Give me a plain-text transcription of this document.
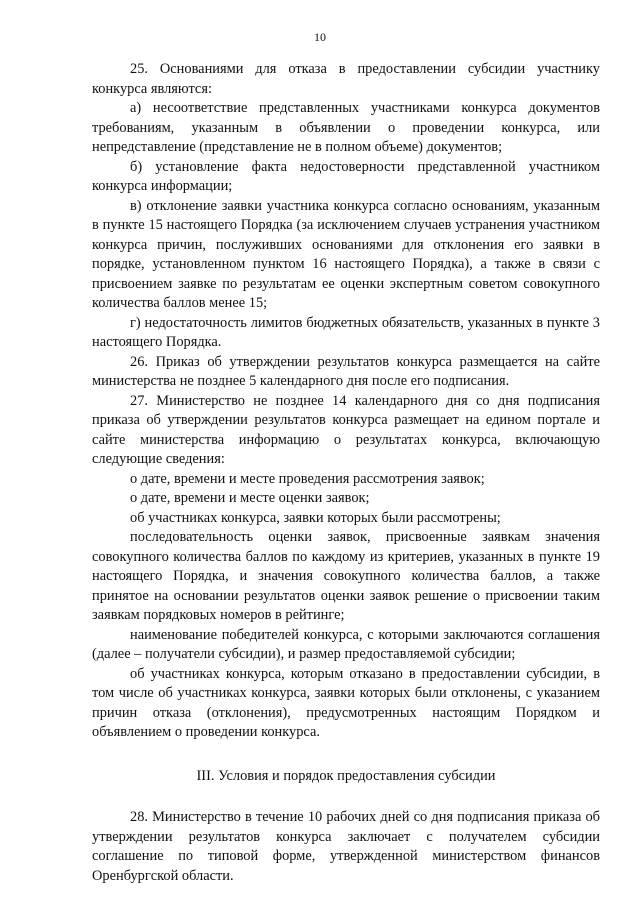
10

25. Основаниями для отказа в предоставлении субсидии участнику конкурса являются:

а) несоответствие представленных участниками конкурса документов требованиям, указанным в объявлении о проведении конкурса, или непредставление (представление не в полном объеме) документов;

б) установление факта недостоверности представленной участником конкурса информации;

в) отклонение заявки участника конкурса согласно основаниям, указанным в пункте 15 настоящего Порядка (за исключением случаев устранения участником конкурса причин, послуживших основаниями для отклонения его заявки в порядке, установленном пунктом 16 настоящего Порядка), а также в связи с присвоением заявке по результатам ее оценки экспертным советом совокупного количества баллов менее 15;

г) недостаточность лимитов бюджетных обязательств, указанных в пункте 3 настоящего Порядка.

26. Приказ об утверждении результатов конкурса размещается на сайте министерства не позднее 5 календарного дня после его подписания.

27. Министерство не позднее 14 календарного дня со дня подписания приказа об утверждении результатов конкурса размещает на едином портале и сайте министерства информацию о результатах конкурса, включающую следующие сведения:

о дате, времени и месте проведения рассмотрения заявок;

о дате, времени и месте оценки заявок;

об участниках конкурса, заявки которых были рассмотрены;

последовательность оценки заявок, присвоенные заявкам значения совокупного количества баллов по каждому из критериев, указанных в пункте 19 настоящего Порядка, и значения совокупного количества баллов, а также принятое на основании результатов оценки заявок решение о присвоении таким заявкам порядковых номеров в рейтинге;

наименование победителей конкурса, с которыми заключаются соглашения (далее – получатели субсидии), и размер предоставляемой субсидии;

об участниках конкурса, которым отказано в предоставлении субсидии, в том числе об участниках конкурса, заявки которых были отклонены, с указанием причин отказа (отклонения), предусмотренных настоящим Порядком и объявлением о проведении конкурса.

III. Условия и порядок предоставления субсидии

28. Министерство в течение 10 рабочих дней со дня подписания приказа об утверждении результатов конкурса заключает с получателем субсидии соглашение по типовой форме, утвержденной министерством финансов Оренбургской области.
